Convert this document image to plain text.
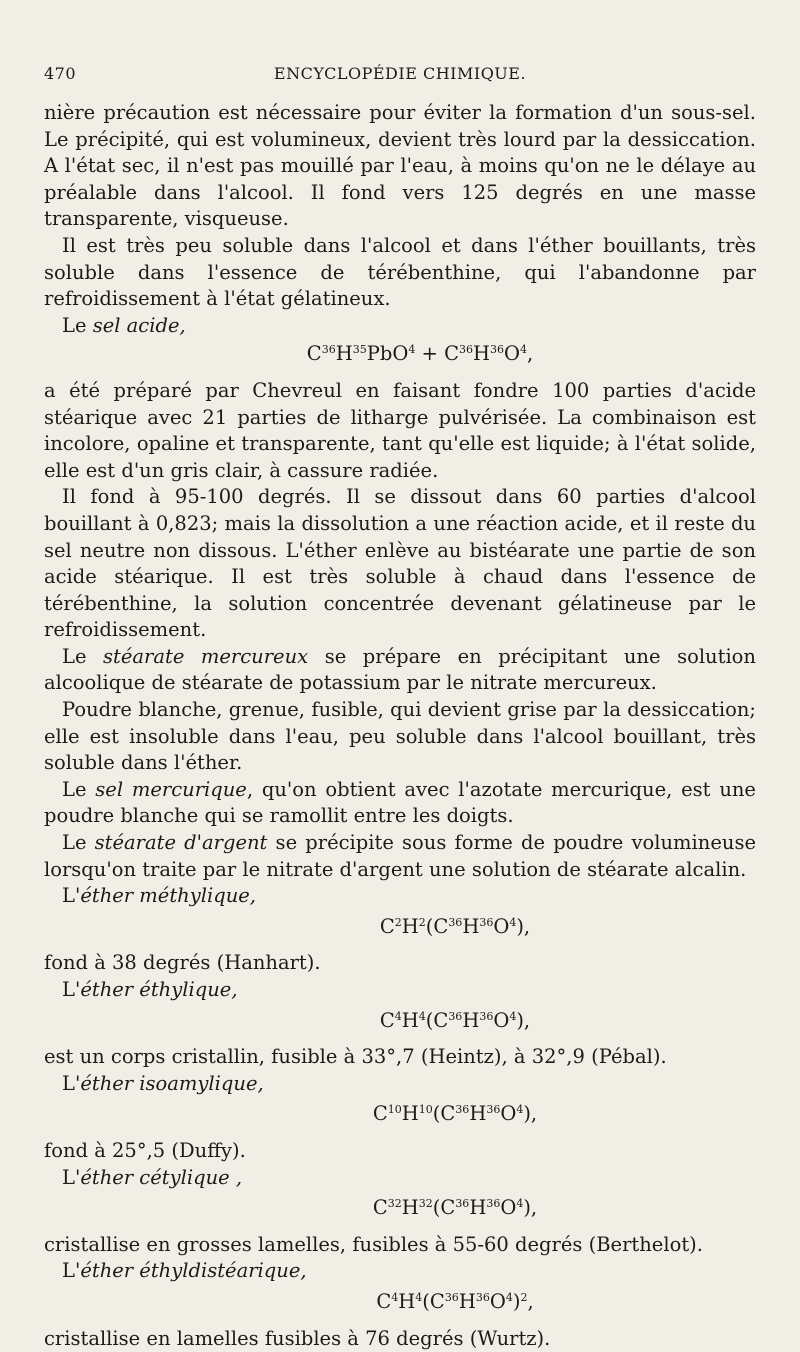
470	ENCYCLOPÉDIE CHIMIQUE.

nière précaution est nécessaire pour éviter la formation d'un sous-sel. Le précipité, qui est volumineux, devient très lourd par la dessiccation. A l'état sec, il n'est pas mouillé par l'eau, à moins qu'on ne le délaye au préalable dans l'alcool. Il fond vers 125 degrés en une masse transparente, visqueuse.

Il est très peu soluble dans l'alcool et dans l'éther bouillants, très soluble dans l'essence de térébenthine, qui l'abandonne par refroidissement à l'état gélatineux.

Le sel acide,

$C^{36}H^{35}PbO^4 + C^{36}H^{36}O^4$,

a été préparé par Chevreul en faisant fondre 100 parties d'acide stéarique avec 21 parties de litharge pulvérisée. La combinaison est incolore, opaline et transparente, tant qu'elle est liquide; à l'état solide, elle est d'un gris clair, à cassure radiée.

Il fond à 95-100 degrés. Il se dissout dans 60 parties d'alcool bouillant à 0,823; mais la dissolution a une réaction acide, et il reste du sel neutre non dissous. L'éther enlève au bistéarate une partie de son acide stéarique. Il est très soluble à chaud dans l'essence de térébenthine, la solution concentrée devenant gélatineuse par le refroidissement.

Le stéarate mercureux se prépare en précipitant une solution alcoolique de stéarate de potassium par le nitrate mercureux.

Poudre blanche, grenue, fusible, qui devient grise par la dessiccation; elle est insoluble dans l'eau, peu soluble dans l'alcool bouillant, très soluble dans l'éther.

Le sel mercurique, qu'on obtient avec l'azotate mercurique, est une poudre blanche qui se ramollit entre les doigts.

Le stéarate d'argent se précipite sous forme de poudre volumineuse lorsqu'on traite par le nitrate d'argent une solution de stéarate alcalin.

L'éther méthylique,

$C^2H^2(C^{36}H^{36}O^4)$,

fond à 38 degrés (Hanhart).

L'éther éthylique,

$C^4H^4(C^{36}H^{36}O^4)$,

est un corps cristallin, fusible à 33°,7 (Heintz), à 32°,9 (Pébal).

L'éther isoamylique,

$C^{10}H^{10}(C^{36}H^{36}O^4)$,

fond à 25°,5 (Duffy).

L'éther cétylique ,

$C^{32}H^{32}(C^{36}H^{36}O^4)$,

cristallise en grosses lamelles, fusibles à 55-60 degrés (Berthelot).

L'éther éthyldistéarique,

$C^4H^4(C^{36}H^{36}O^4)^2$,

cristallise en lamelles fusibles à 76 degrés (Wurtz).
